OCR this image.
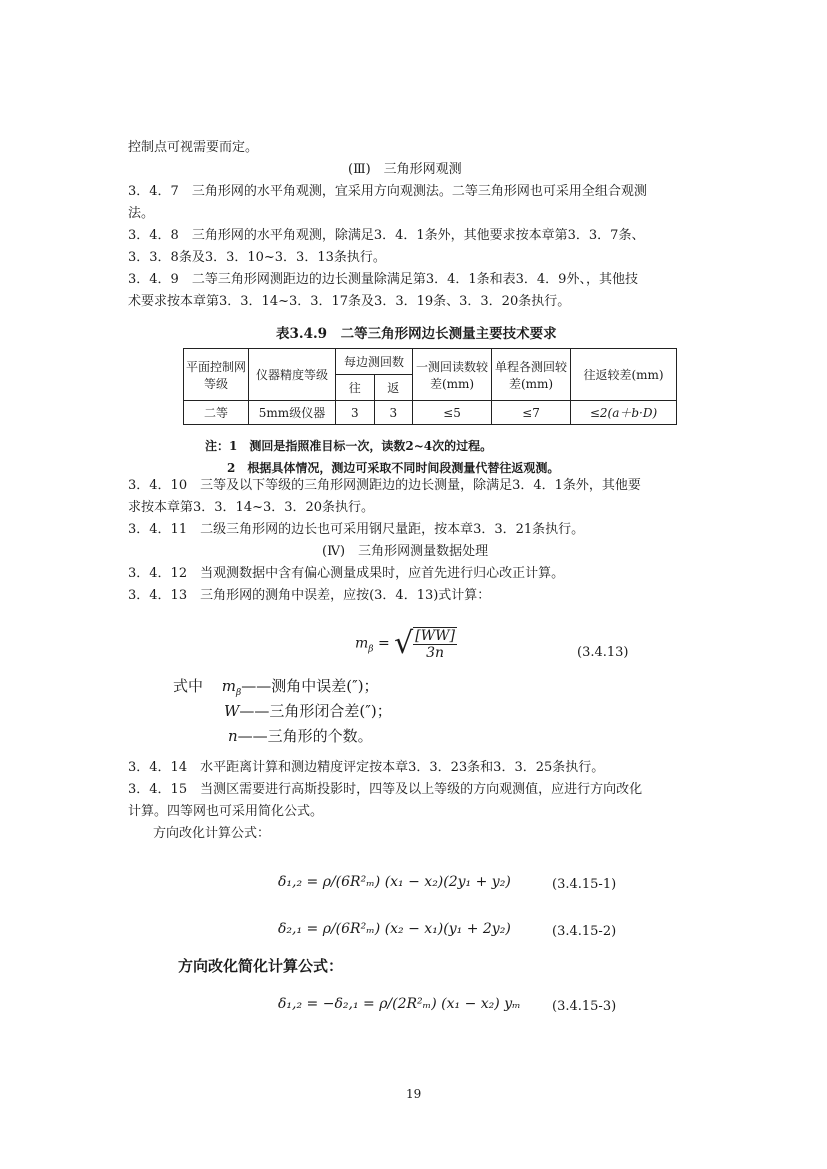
控制点可视需要而定。
(Ⅲ)　三角形网观测
3．4．7　三角形网的水平角观测，宜采用方向观测法。二等三角形网也可采用全组合观测
法。
3．4．8　三角形网的水平角观测，除满足3．4．1条外，其他要求按本章第3．3．7条、
3．3．8条及3．3．10~3．3．13条执行。
3．4．9　二等三角形网测距边的边长测量除满足第3．4．1条和表3．4．9外、，其他技
术要求按本章第3．3．14~3．3．17条及3．3．19条、3．3．20条执行。
表3.4.9　二等三角形网边长测量主要技术要求
平面控制网等级	仪器精度等级	每边测回数		一测回读数较差(mm)	单程各测回较差(mm)	往返较差(mm)
		往	返			
二等	5mm级仪器	3	3	≤5	≤7	≤2(a＋b·D)
注：1　测回是指照准目标一次，读数2~4次的过程。
2　根据具体情况，测边可采取不同时间段测量代替往返观测。
3．4．10　三等及以下等级的三角形网测距边的边长测量，除满足3．4．1条外，其他要
求按本章第3．3．14~3．3．20条执行。
3．4．11　二级三角形网的边长也可采用钢尺量距，按本章3．3．21条执行。
(Ⅳ)　三角形网测量数据处理
3．4．12　当观测数据中含有偏心测量成果时，应首先进行归心改正计算。
3．4．13　三角形网的测角中误差，应按(3．4．13)式计算：
$m_\beta$ = √ $\frac{[WW]}{3n}$	(3.4.13)
式中 $m_\beta——$测角中误差(″)；
W——三角形闭合差(″)；
n——三角形的个数。
3．4．14　水平距离计算和测边精度评定按本章3．3．23条和3．3．25条执行。
3．4．15　当测区需要进行高斯投影时，四等及以上等级的方向观测值，应进行方向改化
计算。四等网也可采用简化公式。
方向改化计算公式：
δ₁,₂ = ρ/(6R²ₘ) (x₁ − x₂)(2y₁ + y₂)	(3.4.15-1)
δ₂,₁ = ρ/(6R²ₘ) (x₂ − x₁)(y₁ + 2y₂)	(3.4.15-2)
方向改化简化计算公式：
δ₁,₂ = −δ₂,₁ = ρ/(2R²ₘ) (x₁ − x₂) yₘ (3.4.15-3)
19
